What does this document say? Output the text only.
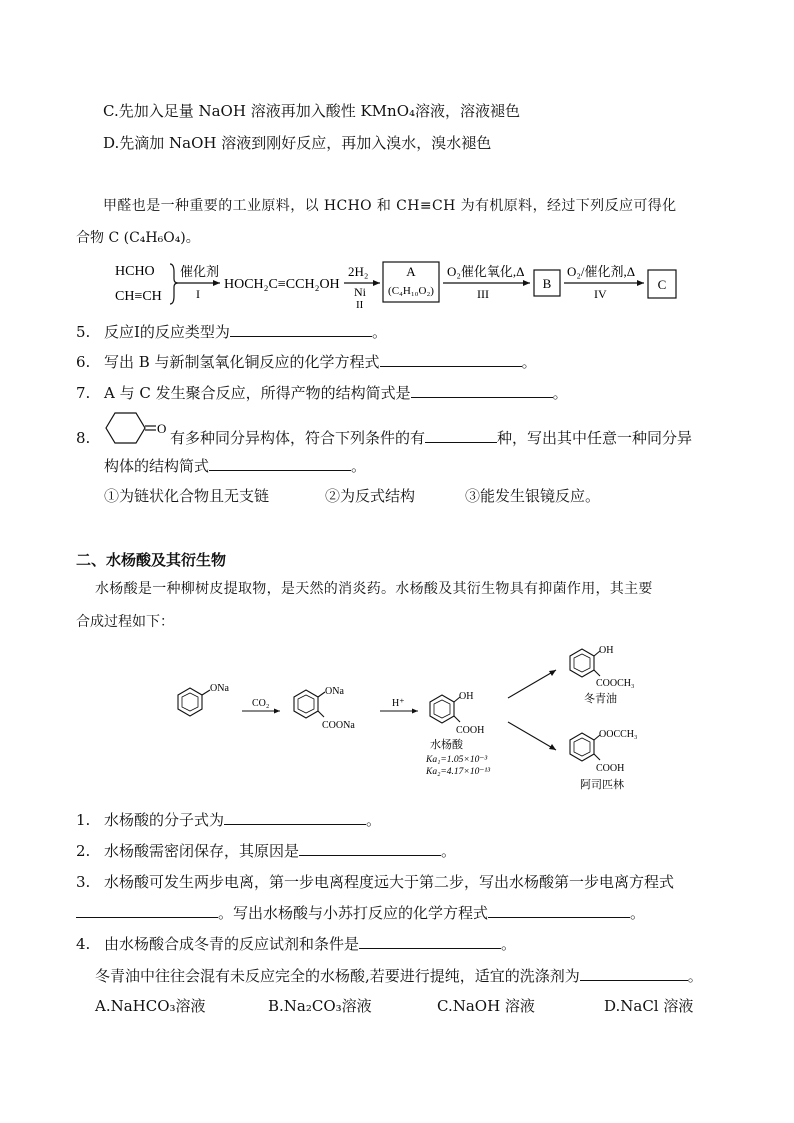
C.先加入足量 NaOH 溶液再加入酸性 KMnO₄溶液，溶液褪色
D.先滴加 NaOH 溶液到刚好反应，再加入溴水，溴水褪色
甲醛也是一种重要的工业原料，以 HCHO 和 CH≡CH 为有机原料，经过下列反应可得化
合物 C (C₄H₆O₄)。
HCHO
CH≡CH
催化剂
I
HOCH₂C≡CCH₂OH
2H₂
Ni
II
A
(C₄H₁₀O₂)
O₂催化氧化,Δ
III
B
O₂/催化剂,Δ
IV
C
5. 反应Ⅰ的反应类型为	。
6. 写出 B 与新制氢氧化铜反应的化学方程式	。
7. A 与 C 发生聚合反应，所得产物的结构简式是	。
8.
O
有多种同分异构体，符合下列条件的有	种，写出其中任意一种同分异
构体的结构简式	。
①为链状化合物且无支链	②为反式结构	③能发生银镜反应。
二、水杨酸及其衍生物
水杨酸是一种柳树皮提取物，是天然的消炎药。水杨酸及其衍生物具有抑菌作用，其主要
合成过程如下：
ONa
CO₂
ONa
COONa
H⁺
OH
COOH
水杨酸
Ka₁=1.05×10⁻³
Ka₂=4.17×10⁻¹³
OH
COOCH₃
冬青油
OOCCH₃
COOH
阿司匹林
1. 水杨酸的分子式为	。
2. 水杨酸需密闭保存，其原因是	。
3. 水杨酸可发生两步电离，第一步电离程度远大于第二步，写出水杨酸第一步电离方程式
。写出水杨酸与小苏打反应的化学方程式	。
4. 由水杨酸合成冬青的反应试剂和条件是	。
冬青油中往往会混有未反应完全的水杨酸,若要进行提纯，适宜的洗涤剂为	。
A.NaHCO₃溶液	B.Na₂CO₃溶液	C.NaOH 溶液	D.NaCl 溶液
